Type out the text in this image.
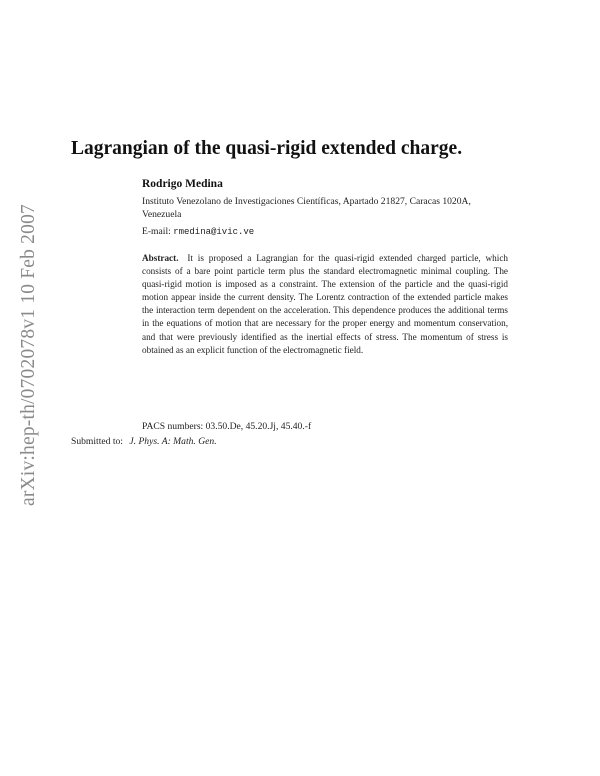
arXiv:hep-th/0702078v1 10 Feb 2007
Lagrangian of the quasi-rigid extended charge.
Rodrigo Medina
Instituto Venezolano de Investigaciones Científicas, Apartado 21827, Caracas 1020A, Venezuela
E-mail: rmedina@ivic.ve

Abstract. It is proposed a Lagrangian for the quasi-rigid extended charged particle, which consists of a bare point particle term plus the standard electromagnetic minimal coupling. The quasi-rigid motion is imposed as a constraint. The extension of the particle and the quasi-rigid motion appear inside the current density. The Lorentz contraction of the extended particle makes the interaction term dependent on the acceleration. This dependence produces the additional terms in the equations of motion that are necessary for the proper energy and momentum conservation, and that were previously identified as the inertial effects of stress. The momentum of stress is obtained as an explicit function of the electromagnetic field.

PACS numbers: 03.50.De, 45.20.Jj, 45.40.-f
Submitted to: J. Phys. A: Math. Gen.
